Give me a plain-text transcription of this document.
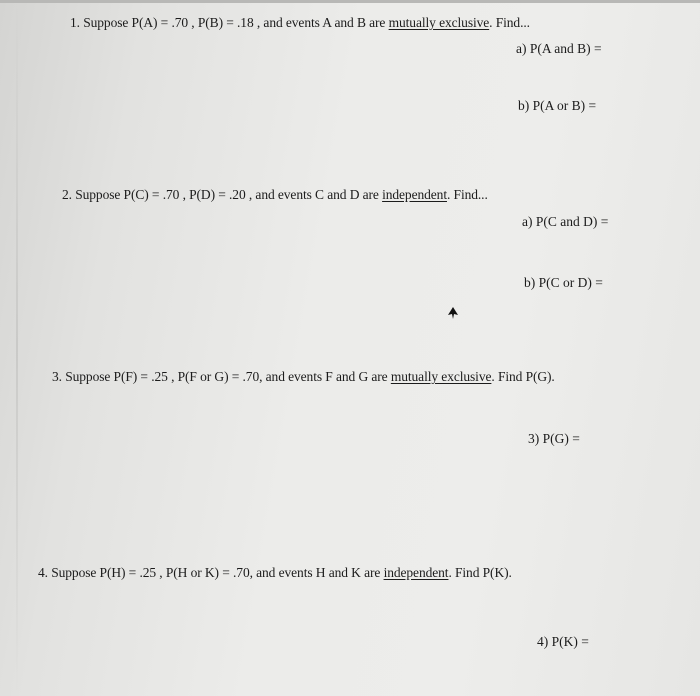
1. Suppose P(A) = .70 , P(B) = .18 , and events A and B are mutually exclusive. Find...
a) P(A and B) =
b) P(A or B) =
2. Suppose P(C) = .70 , P(D) = .20 , and events C and D are independent. Find...
a) P(C and D) =
b) P(C or D) =
3. Suppose P(F) = .25 , P(F or G) = .70, and events F and G are mutually exclusive. Find P(G).
3) P(G) =
4. Suppose P(H) = .25 , P(H or K) = .70, and events H and K are independent. Find P(K).
4) P(K) =
